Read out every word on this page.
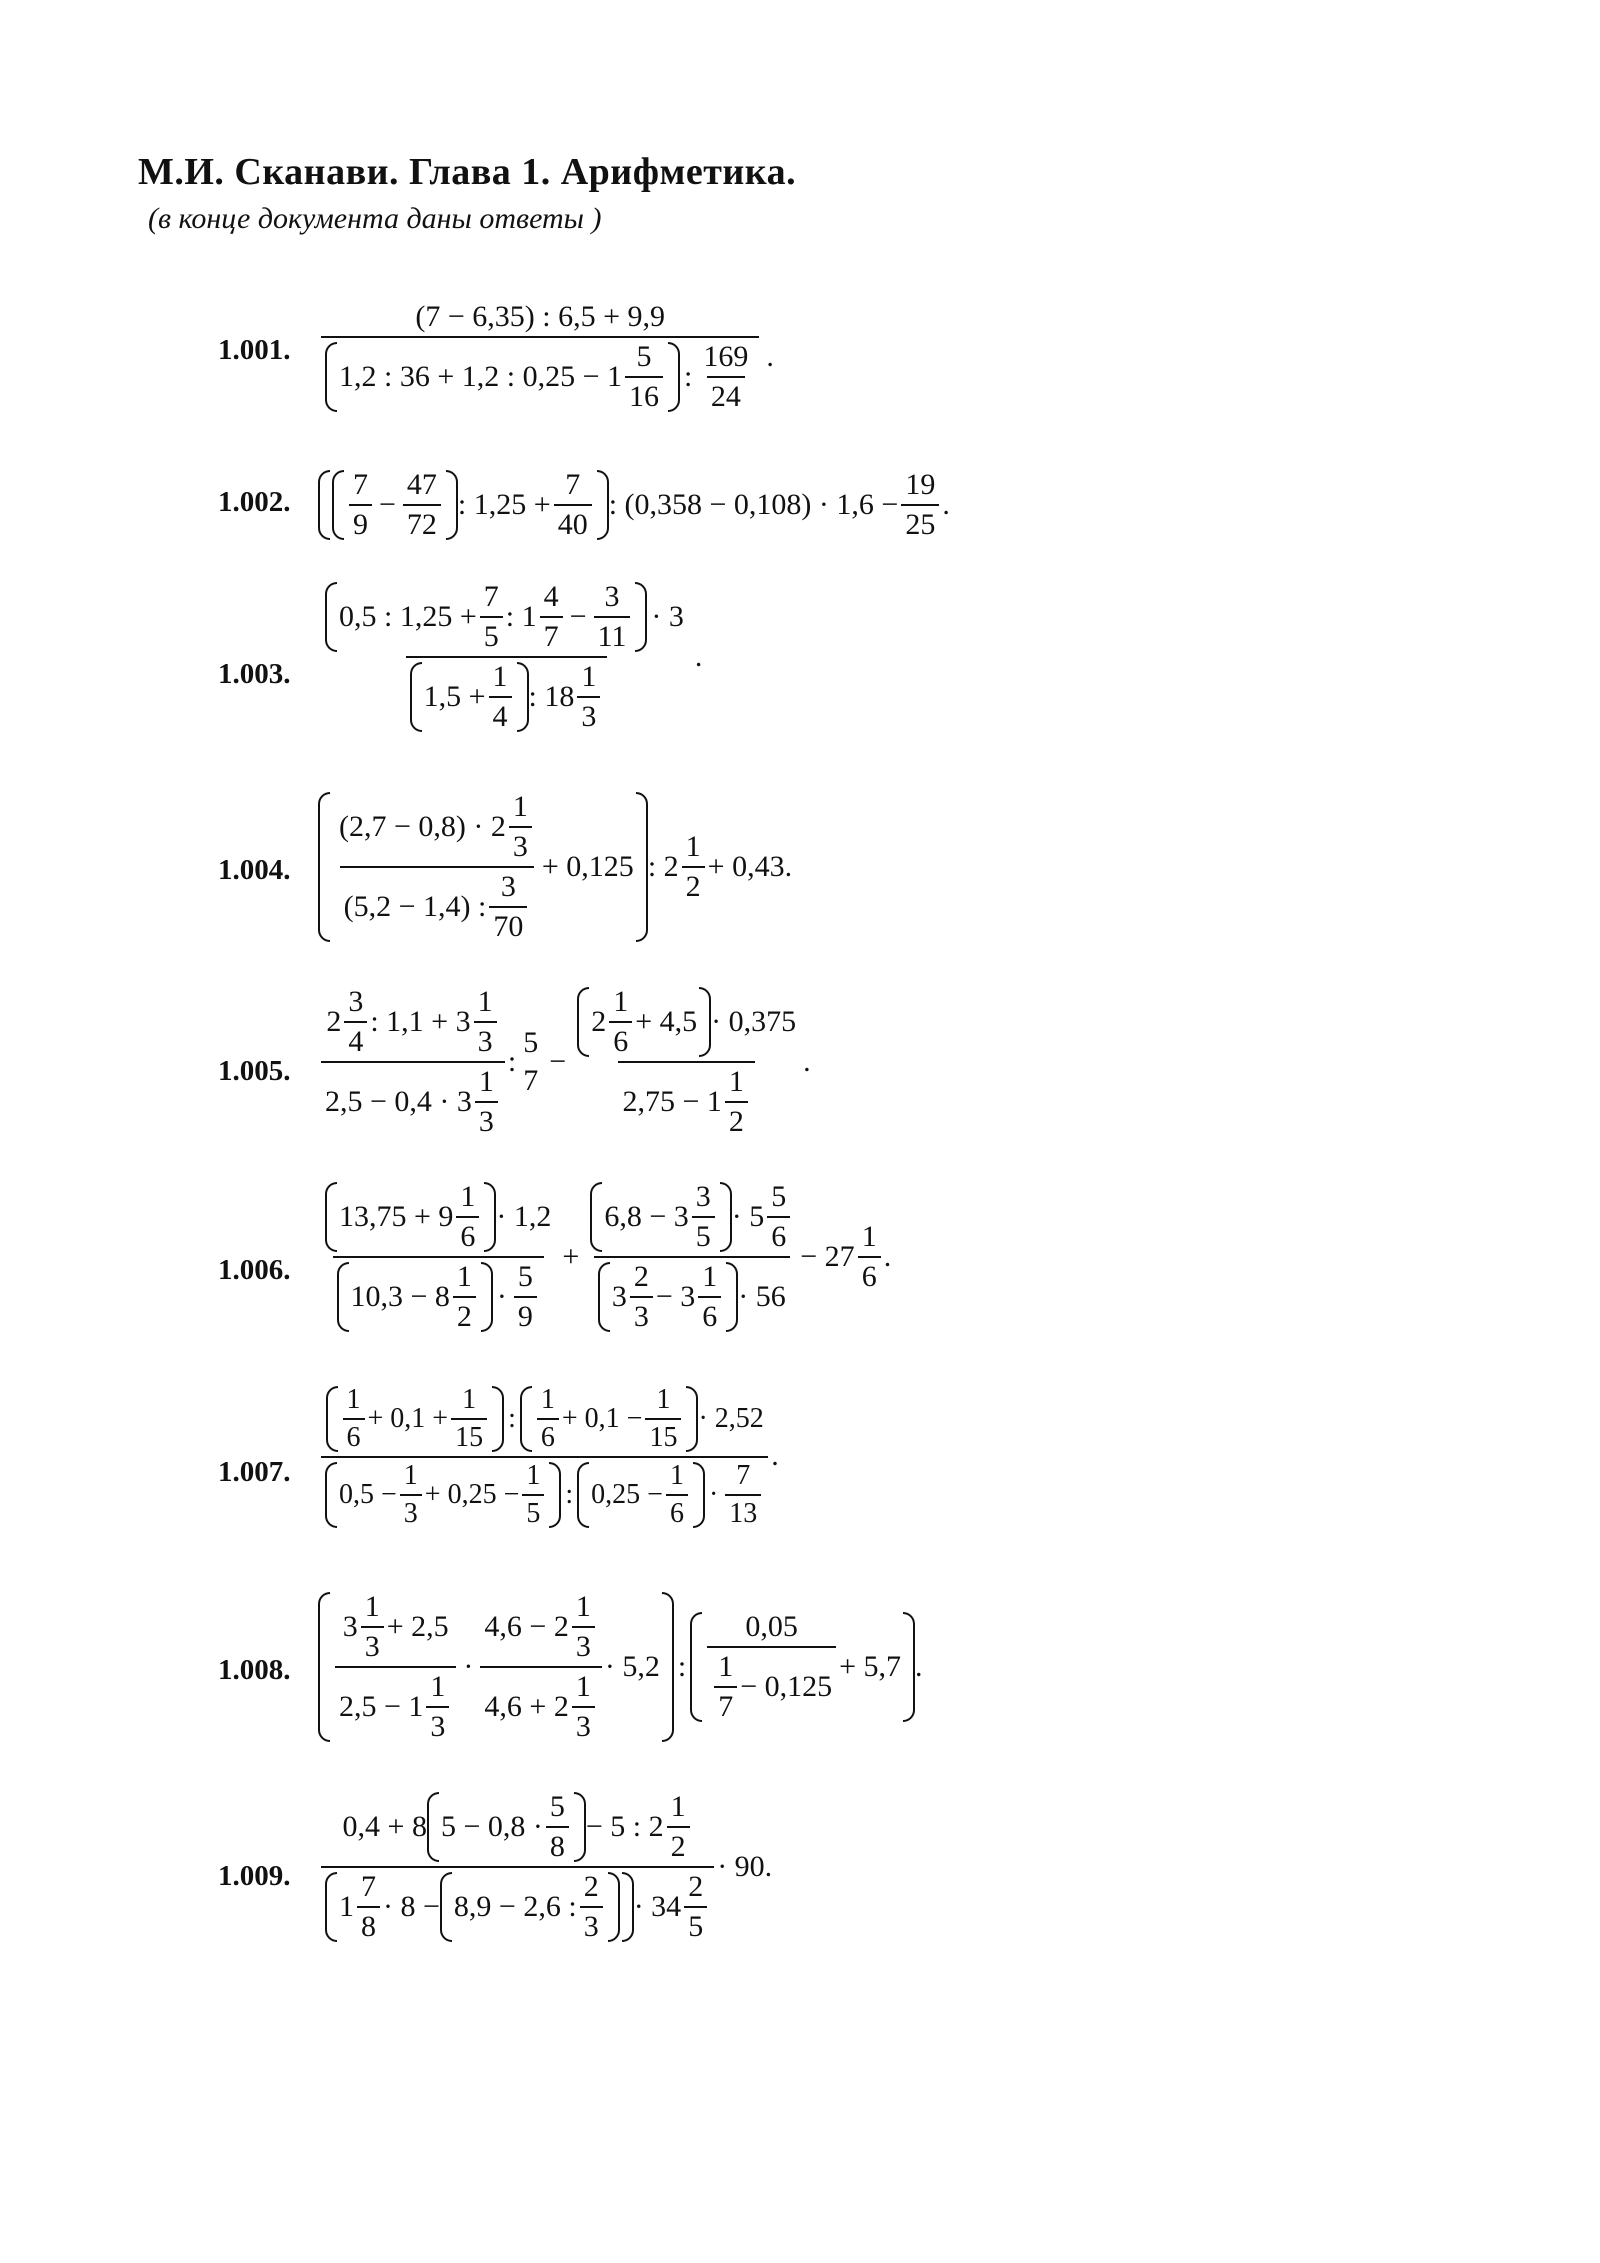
М.И. Сканави. Глава 1. Арифметика.
(в конце документа даны ответы )
1.001.
(7 − 6,35) : 6,5 + 9,9
1,2 : 36 + 1,2 : $0,25 - 1 \frac{5}{16}$ : $\frac{169}{24}$ .
1.002. $\frac{7}{9} - \frac{47}{72}$ : $1,25 + \frac{7}{40}$ : $(0,358 - 0,108) \cdot 1,6 - \frac{19}{25}$ .
1.003.
0,5 : $1,25 + \frac{7}{5}$ : $1 \frac{4}{7} - \frac{3}{11} \cdot 3$
$1,5 + \frac{1}{4}$ : $18 \frac{1}{3}$
.
1.004. $\frac{(2,7 - 0,8) \cdot 2 \frac{1}{3}}{(5,2 - 1,4) : \frac{3}{70}} + 0,125$ : $2 \frac{1}{2} + 0,43$.
1.005. $\frac{2 \frac{3}{4} : 1,1 + 3 \frac{1}{3}}{2,5 - 0,4 \cdot 3 \frac{1}{3}}$ :
5
7
− $\frac{2 \frac{1}{6} + 4,5 \cdot 0,375}{2,75 - 1 \frac{1}{2}}$ .
1.006. $\frac{13,75 + 9 \frac{1}{6} \cdot 1,2}{10,3 - 8 \frac{1}{2} \cdot \frac{5}{9}} + \frac{6,8 - 3 \frac{3}{5} \cdot 5 \frac{5}{6}}{3 \frac{2}{3} - 3 \frac{1}{6} \cdot 56} - 27 \frac{1}{6}$ .
1.007. $\frac{\frac{1}{6} + 0,1 + \frac{1}{15} : \frac{1}{6} + 0,1 - \frac{1}{15} \cdot 2,52}{0,5 - \frac{1}{3} + 0,25 - \frac{1}{5} : 0,25 - \frac{1}{6} \cdot \frac{7}{13}}$ .
1.008. $\frac{3 \frac{1}{3} + 2,5}{2,5 - 1 \frac{1}{3}} \cdot \frac{4,6 - 2 \frac{1}{3}}{4,6 + 2 \frac{1}{3}} \cdot 5,2$ : $\frac{0,05}{\frac{1}{7} - 0,125} + 5,7$ .
1.009.
0,4 + 8 $5 - 0,8 \cdot \frac{5}{8} - 5$ : $2 \frac{1}{2}$
$1 \frac{7}{8} \cdot 8 - 8,9 - 2,6$ : $\frac{2}{3} \cdot 34 \frac{2}{5}$
· 90.
